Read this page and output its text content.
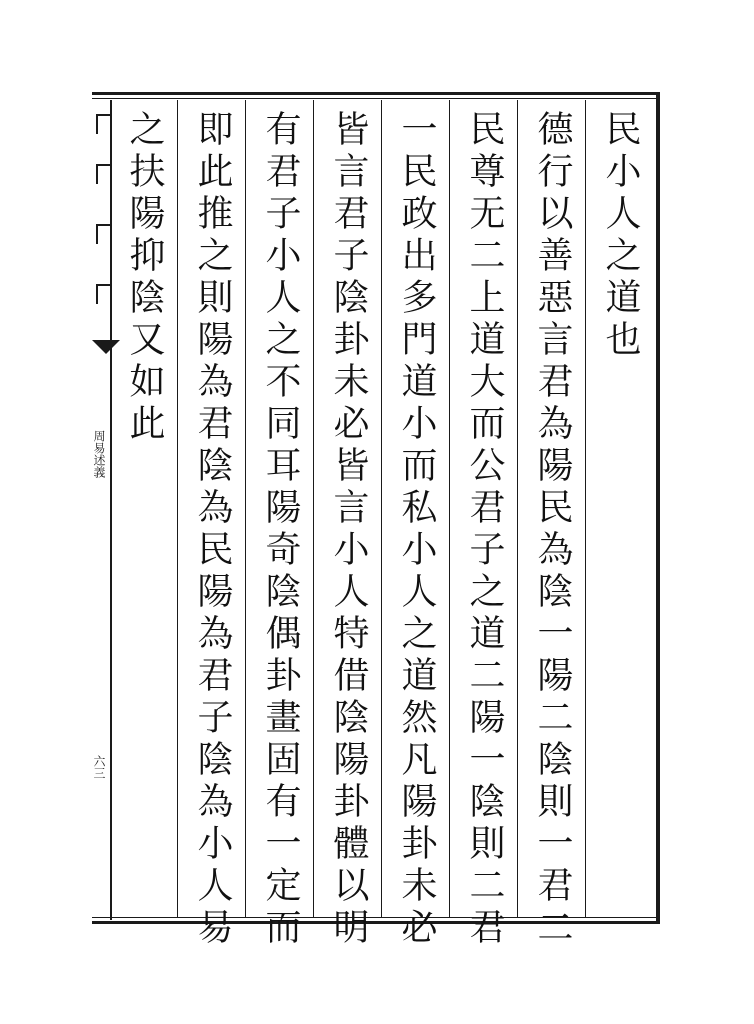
周易述義
六三
民小人之道也
德行以善惡言君為陽民為陰一陽二陰則一君二
民尊无二上道大而公君子之道二陽一陰則二君
一民政出多門道小而私小人之道然凡陽卦未必
皆言君子陰卦未必皆言小人特借陰陽卦體以明
有君子小人之不同耳陽奇陰偶卦畫固有一定而
即此推之則陽為君陰為民陽為君子陰為小人易
之扶陽抑陰又如此
